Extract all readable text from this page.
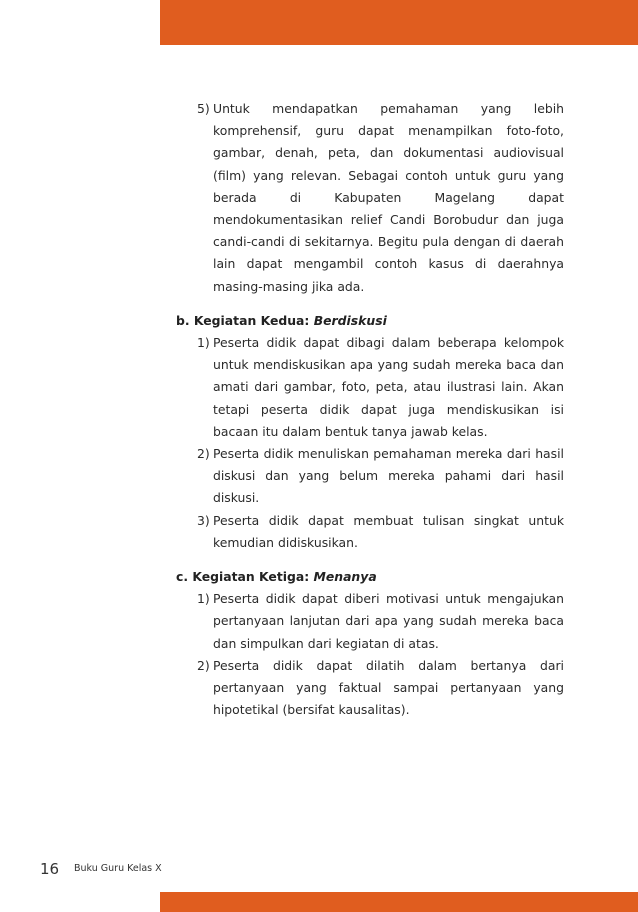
5) Untuk mendapatkan pemahaman yang lebih komprehensif, guru dapat menampilkan foto-foto, gambar, denah, peta, dan dokumentasi audiovisual (film) yang relevan. Sebagai contoh untuk guru yang berada di Kabupaten Magelang dapat mendokumentasikan relief Candi Borobudur dan juga candi-candi di sekitarnya. Begitu pula dengan di daerah lain dapat mengambil contoh kasus di daerahnya masing-masing jika ada.
b. Kegiatan Kedua: Berdiskusi
1) Peserta didik dapat dibagi dalam beberapa kelompok untuk mendiskusikan apa yang sudah mereka baca dan amati dari gambar, foto, peta, atau ilustrasi lain. Akan tetapi peserta didik dapat juga mendiskusikan isi bacaan itu dalam bentuk tanya jawab kelas.
2) Peserta didik menuliskan pemahaman mereka dari hasil diskusi dan yang belum mereka pahami dari hasil diskusi.
3) Peserta didik dapat membuat tulisan singkat untuk kemudian didiskusikan.
c. Kegiatan Ketiga: Menanya
1) Peserta didik dapat diberi motivasi untuk mengajukan pertanyaan lanjutan dari apa yang sudah mereka baca dan simpulkan dari kegiatan di atas.
2) Peserta didik dapat dilatih dalam bertanya dari pertanyaan yang faktual sampai pertanyaan yang hipotetikal (bersifat kausalitas).
16 Buku Guru Kelas X
